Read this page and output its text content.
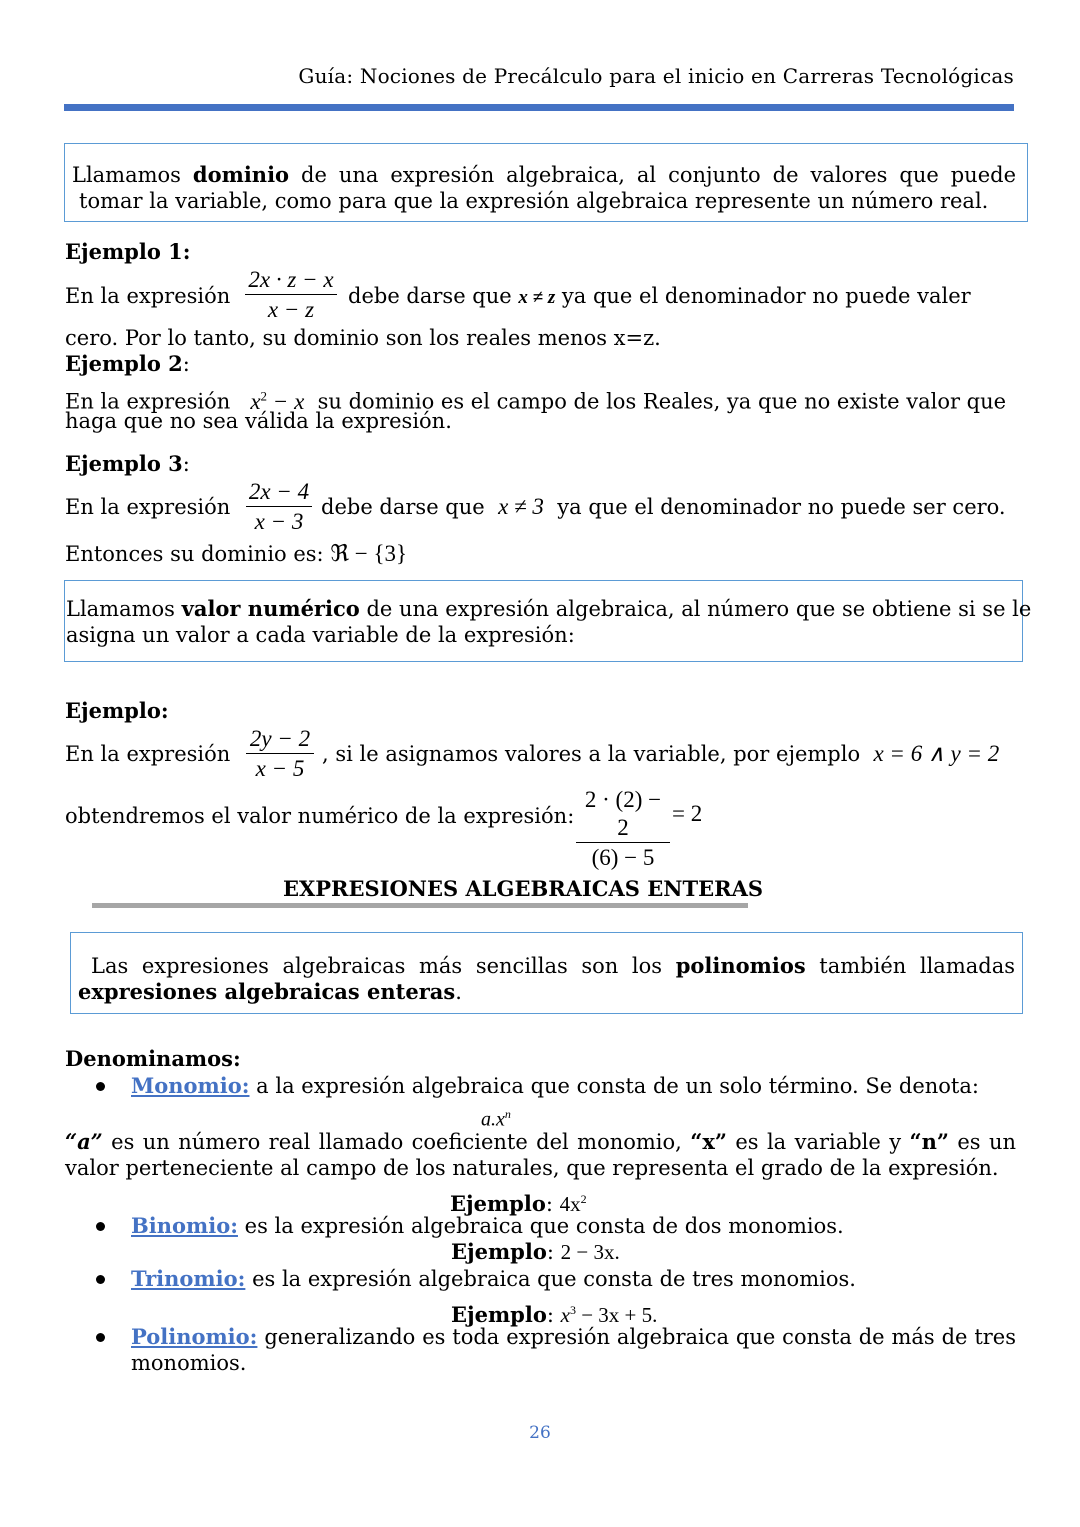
Guía: Nociones de Precálculo para el inicio en Carreras Tecnológicas
Llamamos dominio de una expresión algebraica, al conjunto de valores que puede
tomar la variable, como para que la expresión algebraica represente un número real.
Ejemplo 1:
En la expresión
2x · z − x
x − z
debe darse que x ≠ z ya que el denominador no puede valer
cero. Por lo tanto, su dominio son los reales menos x=z.
Ejemplo 2:
En la expresión $x^2 - x$ su dominio es el campo de los Reales, ya que no existe valor que
haga que no sea válida la expresión.
Ejemplo 3:
En la expresión
2x − 4
x − 3
debe darse que x ≠ 3 ya que el denominador no puede ser cero.
Entonces su dominio es: ℜ − {3}
Llamamos valor numérico de una expresión algebraica, al número que se obtiene si se le
asigna un valor a cada variable de la expresión:
Ejemplo:
En la expresión
2y − 2
x − 5
, si le asignamos valores a la variable, por ejemplo x = 6 ∧ y = 2
obtendremos el valor numérico de la expresión:
2 · (2) − 2
(6) − 5
= 2
EXPRESIONES ALGEBRAICAS ENTERAS
Las expresiones algebraicas más sencillas son los polinomios también llamadas
expresiones algebraicas enteras.
Denominamos:
Monomio: a la expresión algebraica que consta de un solo término. Se denota:
$a.x^n$
“a” es un número real llamado coeficiente del monomio, “x” es la variable y “n” es un
valor perteneciente al campo de los naturales, que representa el grado de la expresión.
Ejemplo: $4x^2$
Binomio: es la expresión algebraica que consta de dos monomios.
Ejemplo: 2 − 3x.
Trinomio: es la expresión algebraica que consta de tres monomios.
Ejemplo: $x^3 - 3x + 5$.
Polinomio: generalizando es toda expresión algebraica que consta de más de tres
monomios.
26
